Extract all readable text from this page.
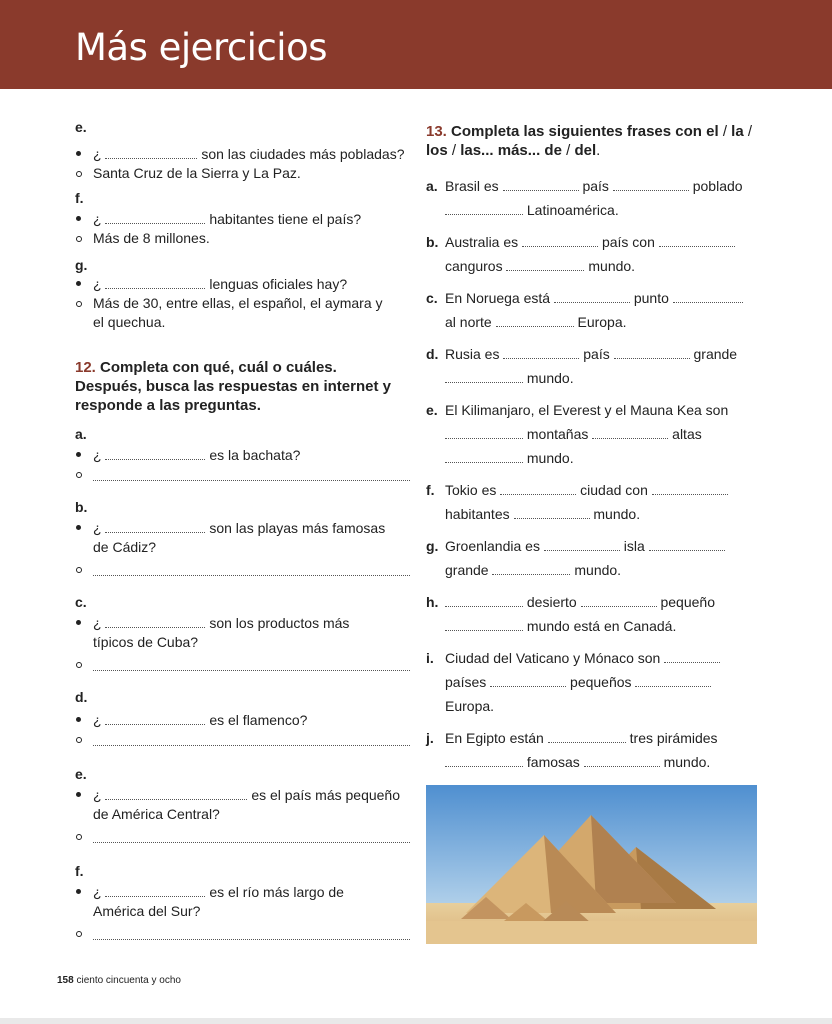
Más ejercicios

e.

¿	son las ciudades más pobladas?
Santa Cruz de la Sierra y La Paz.

f.

¿	habitantes tiene el país?
Más de 8 millones.

g.

¿	lenguas oficiales hay?
Más de 30, entre ellas, el español, el aymara y
el quechua.

12. Completa con qué, cuál o cuáles.

Después, busca las respuestas en internet y

responde a las preguntas.

a.

¿	es la bachata?

b.

¿	son las playas más famosas
de Cádiz?

c.

¿	son los productos más
típicos de Cuba?

d.

¿	es el flamenco?

e.

¿	es el país más pequeño
de América Central?

f.

¿	es el río más largo de
América del Sur?

13. Completa las siguientes frases con el / la /

los / las... más... de / del.

a. Brasil es	país	poblado
Latinoamérica.
b. Australia es	país con
canguros	mundo.
c. En Noruega está	punto
al norte	Europa.
d. Rusia es	país	grande
mundo.
e. El Kilimanjaro, el Everest y el Mauna Kea son
montañas	altas
mundo.
f. Tokio es	ciudad con
habitantes	mundo.
g. Groenlandia es	isla
grande	mundo.
h.	desierto	pequeño
mundo está en Canadá.
i. Ciudad del Vaticano y Mónaco son
países	pequeños
Europa.
j. En Egipto están	tres pirámides
famosas	mundo.
158 ciento cincuenta y ocho
